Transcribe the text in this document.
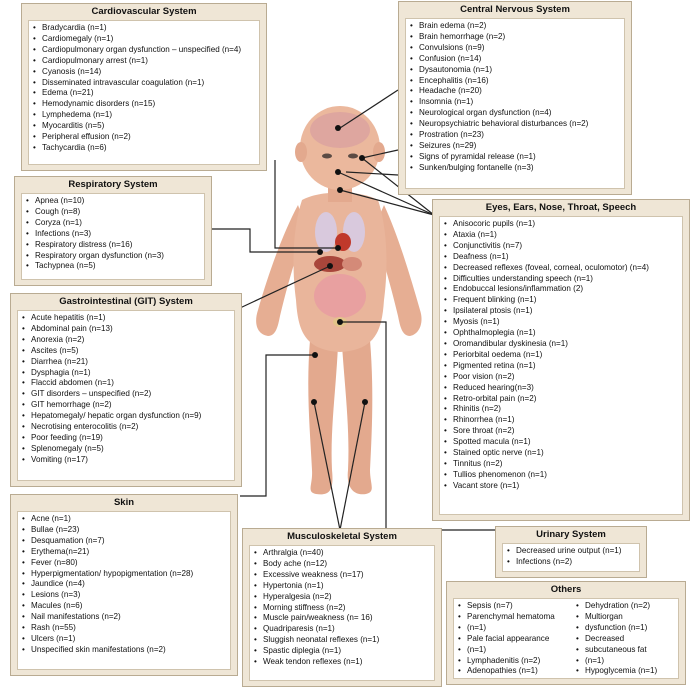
Cardiovascular System
• Bradycardia (n=1)
• Cardiomegaly (n=1)
• Cardiopulmonary organ dysfunction – unspecified (n=4)
• Cardiopulmonary arrest (n=1)
• Cyanosis (n=14)
• Disseminated intravascular coagulation (n=1)
• Edema (n=21)
• Hemodynamic disorders (n=15)
• Lymphedema (n=1)
• Myocarditis (n=5)
• Peripheral effusion (n=2)
• Tachycardia (n=6)
Central Nervous System
• Brain edema (n=2)
• Brain hemorrhage (n=2)
• Convulsions (n=9)
• Confusion (n=14)
• Dysautonomia (n=1)
• Encephalitis (n=16)
• Headache (n=20)
• Insomnia (n=1)
• Neurological organ dysfunction (n=4)
• Neuropsychiatric behavioral disturbances (n=2)
• Prostration (n=23)
• Seizures (n=29)
• Signs of pyramidal release (n=1)
• Sunken/bulging fontanelle (n=3)
Respiratory System
• Apnea (n=10)
• Cough (n=8)
• Coryza (n=1)
• Infections (n=3)
• Respiratory distress (n=16)
• Respiratory organ dysfunction (n=3)
• Tachypnea (n=5)
Eyes, Ears, Nose, Throat, Speech
• Anisocoric pupils (n=1)
• Ataxia (n=1)
• Conjunctivitis (n=7)
• Deafness (n=1)
• Decreased reflexes (foveal, corneal, oculomotor) (n=4)
• Difficulties understanding speech (n=1)
• Endobuccal lesions/inflammation (2)
• Frequent blinking (n=1)
• Ipsilateral ptosis (n=1)
• Myosis (n=1)
• Ophthalmoplegia (n=1)
• Oromandibular dyskinesia (n=1)
• Periorbital oedema (n=1)
• Pigmented retina (n=1)
• Poor vision (n=2)
• Reduced hearing(n=3)
• Retro-orbital pain (n=2)
• Rhinitis (n=2)
• Rhinorrhea (n=1)
• Sore throat (n=2)
• Spotted macula (n=1)
• Stained optic nerve (n=1)
• Tinnitus (n=2)
• Tullios phenomenon (n=1)
• Vacant store (n=1)
Gastrointestinal (GIT) System
• Acute hepatitis (n=1)
• Abdominal pain (n=13)
• Anorexia (n=2)
• Ascites (n=5)
• Diarrhea (n=21)
• Dysphagia (n=1)
• Flaccid abdomen (n=1)
• GIT disorders – unspecified (n=2)
• GIT hemorrhage (n=2)
• Hepatomegaly/ hepatic organ dysfunction (n=9)
• Necrotising enterocolitis (n=2)
• Poor feeding (n=19)
• Splenomegaly (n=5)
• Vomiting (n=17)
Skin
• Acne (n=1)
• Bullae (n=23)
• Desquamation (n=7)
• Erythema(n=21)
• Fever (n=80)
• Hyperpigmentation/ hypopigmentation (n=28)
• Jaundice (n=4)
• Lesions (n=3)
• Macules (n=6)
• Nail manifestations (n=2)
• Rash (n=55)
• Ulcers (n=1)
• Unspecified skin manifestations (n=2)
Musculoskeletal System
• Arthralgia (n=40)
• Body ache (n=12)
• Excessive weakness (n=17)
• Hypertonia (n=1)
• Hyperalgesia (n=2)
• Morning stiffness (n=2)
• Muscle pain/weakness (n= 16)
• Quadriparesis (n=1)
• Sluggish neonatal reflexes (n=1)
• Spastic diplegia (n=1)
• Weak tendon reflexes (n=1)
Urinary System
• Decreased urine output (n=1)
• Infections (n=2)
Others
• Sepsis (n=7)
• Parenchymal hematoma
• (n=1)
• Pale facial appearance
• (n=1)
• Lymphadenitis (n=2)
• Adenopathies (n=1)
• Dehydration (n=2)
• Multiorgan
• dysfunction (n=1)
• Decreased
• subcutaneous fat
• (n=1)
• Hypoglycemia (n=1)
